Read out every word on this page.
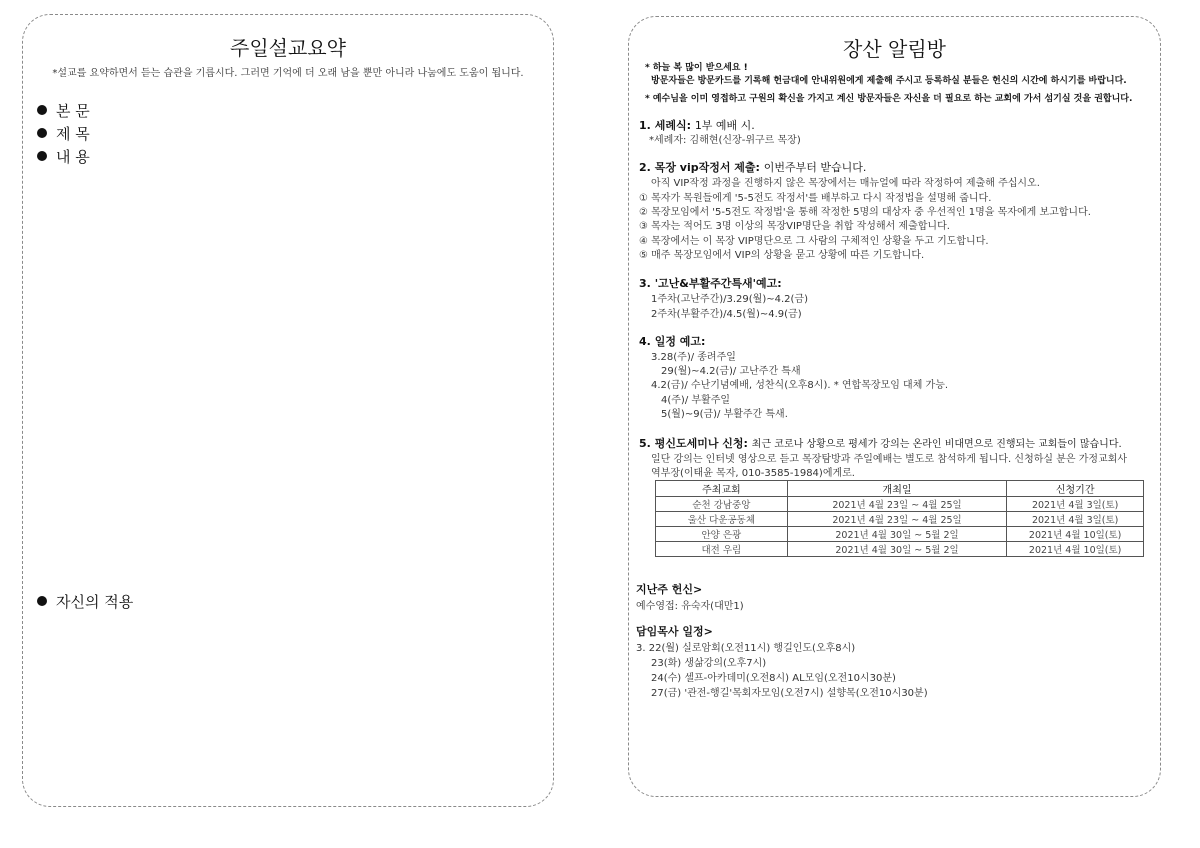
주일설교요약
*설교를 요약하면서 듣는 습관을 기릅시다. 그러면 기억에 더 오래 남을 뿐만 아니라 나눔에도 도움이 됩니다.
본 문
제 목
내 용
자신의 적용
장산 알림방
* 하늘 복 많이 받으세요 !
방문자들은 방문카드를 기록해 헌금대에 안내위원에게 제출해 주시고 등록하실 분들은 헌신의 시간에 하시기를 바랍니다.
* 예수님을 이미 영접하고 구원의 확신을 가지고 계신 방문자들은 자신을 더 필요로 하는 교회에 가서 섬기실 것을 권합니다.
1. 세례식: 1부 예배 시.
*세례자: 김해현(신장-위구르 목장)
2. 목장 vip작정서 제출: 이번주부터 받습니다.
아직 VIP작정 과정을 진행하지 않은 목장에서는 매뉴얼에 따라 작정하여 제출해 주십시오.
① 목자가 목원들에게 '5-5전도 작정서'를 배부하고 다시 작정법을 설명해 줍니다.
② 목장모임에서 '5-5전도 작정법'을 통해 작정한 5명의 대상자 중 우선적인 1명을 목자에게 보고합니다.
③ 목자는 적어도 3명 이상의 목장VIP명단을 취합 작성해서 제출합니다.
④ 목장에서는 이 목장 VIP명단으로 그 사람의 구체적인 상황을 두고 기도합니다.
⑤ 매주 목장모임에서 VIP의 상황을 묻고 상황에 따른 기도합니다.
3. '고난&부활주간특새'예고:
1주차(고난주간)/3.29(월)~4.2(금)
2주차(부활주간)/4.5(월)~4.9(금)
4. 일정 예고:
3.28(주)/ 종려주일
29(월)~4.2(금)/ 고난주간 특새
4.2(금)/ 수난기념예배, 성찬식(오후8시). * 연합목장모임 대체 가능.
4(주)/ 부활주일
5(월)~9(금)/ 부활주간 특새.
5. 평신도세미나 신청: 최근 코로나 상황으로 평세가 강의는 온라인 비대면으로 진행되는 교회들이 많습니다.
일단 강의는 인터넷 영상으로 듣고 목장탐방과 주일예배는 별도로 참석하게 됩니다. 신청하실 분은 가정교회사
역부장(이태윤 목자, 010-3585-1984)에게로.
주최교회	개최일	신청기간
순천 강남중앙	2021년 4월 23일 ~ 4월 25일	2021년 4월 3일(토)
울산 다운공동체	2021년 4월 23일 ~ 4월 25일	2021년 4월 3일(토)
안양 은광	2021년 4월 30일 ~ 5월 2일	2021년 4월 10일(토)
대전 우림	2021년 4월 30일 ~ 5월 2일	2021년 4월 10일(토)
지난주 헌신>
예수영접: 유숙자(대만1)
담임목사 일정>
3. 22(월) 실로암회(오전11시) 행길인도(오후8시)
23(화) 생삶강의(오후7시)
24(수) 셀프-아카데미(오전8시) AL모임(오전10시30분)
27(금) '관전-행길'목회자모임(오전7시) 설향목(오전10시30분)
